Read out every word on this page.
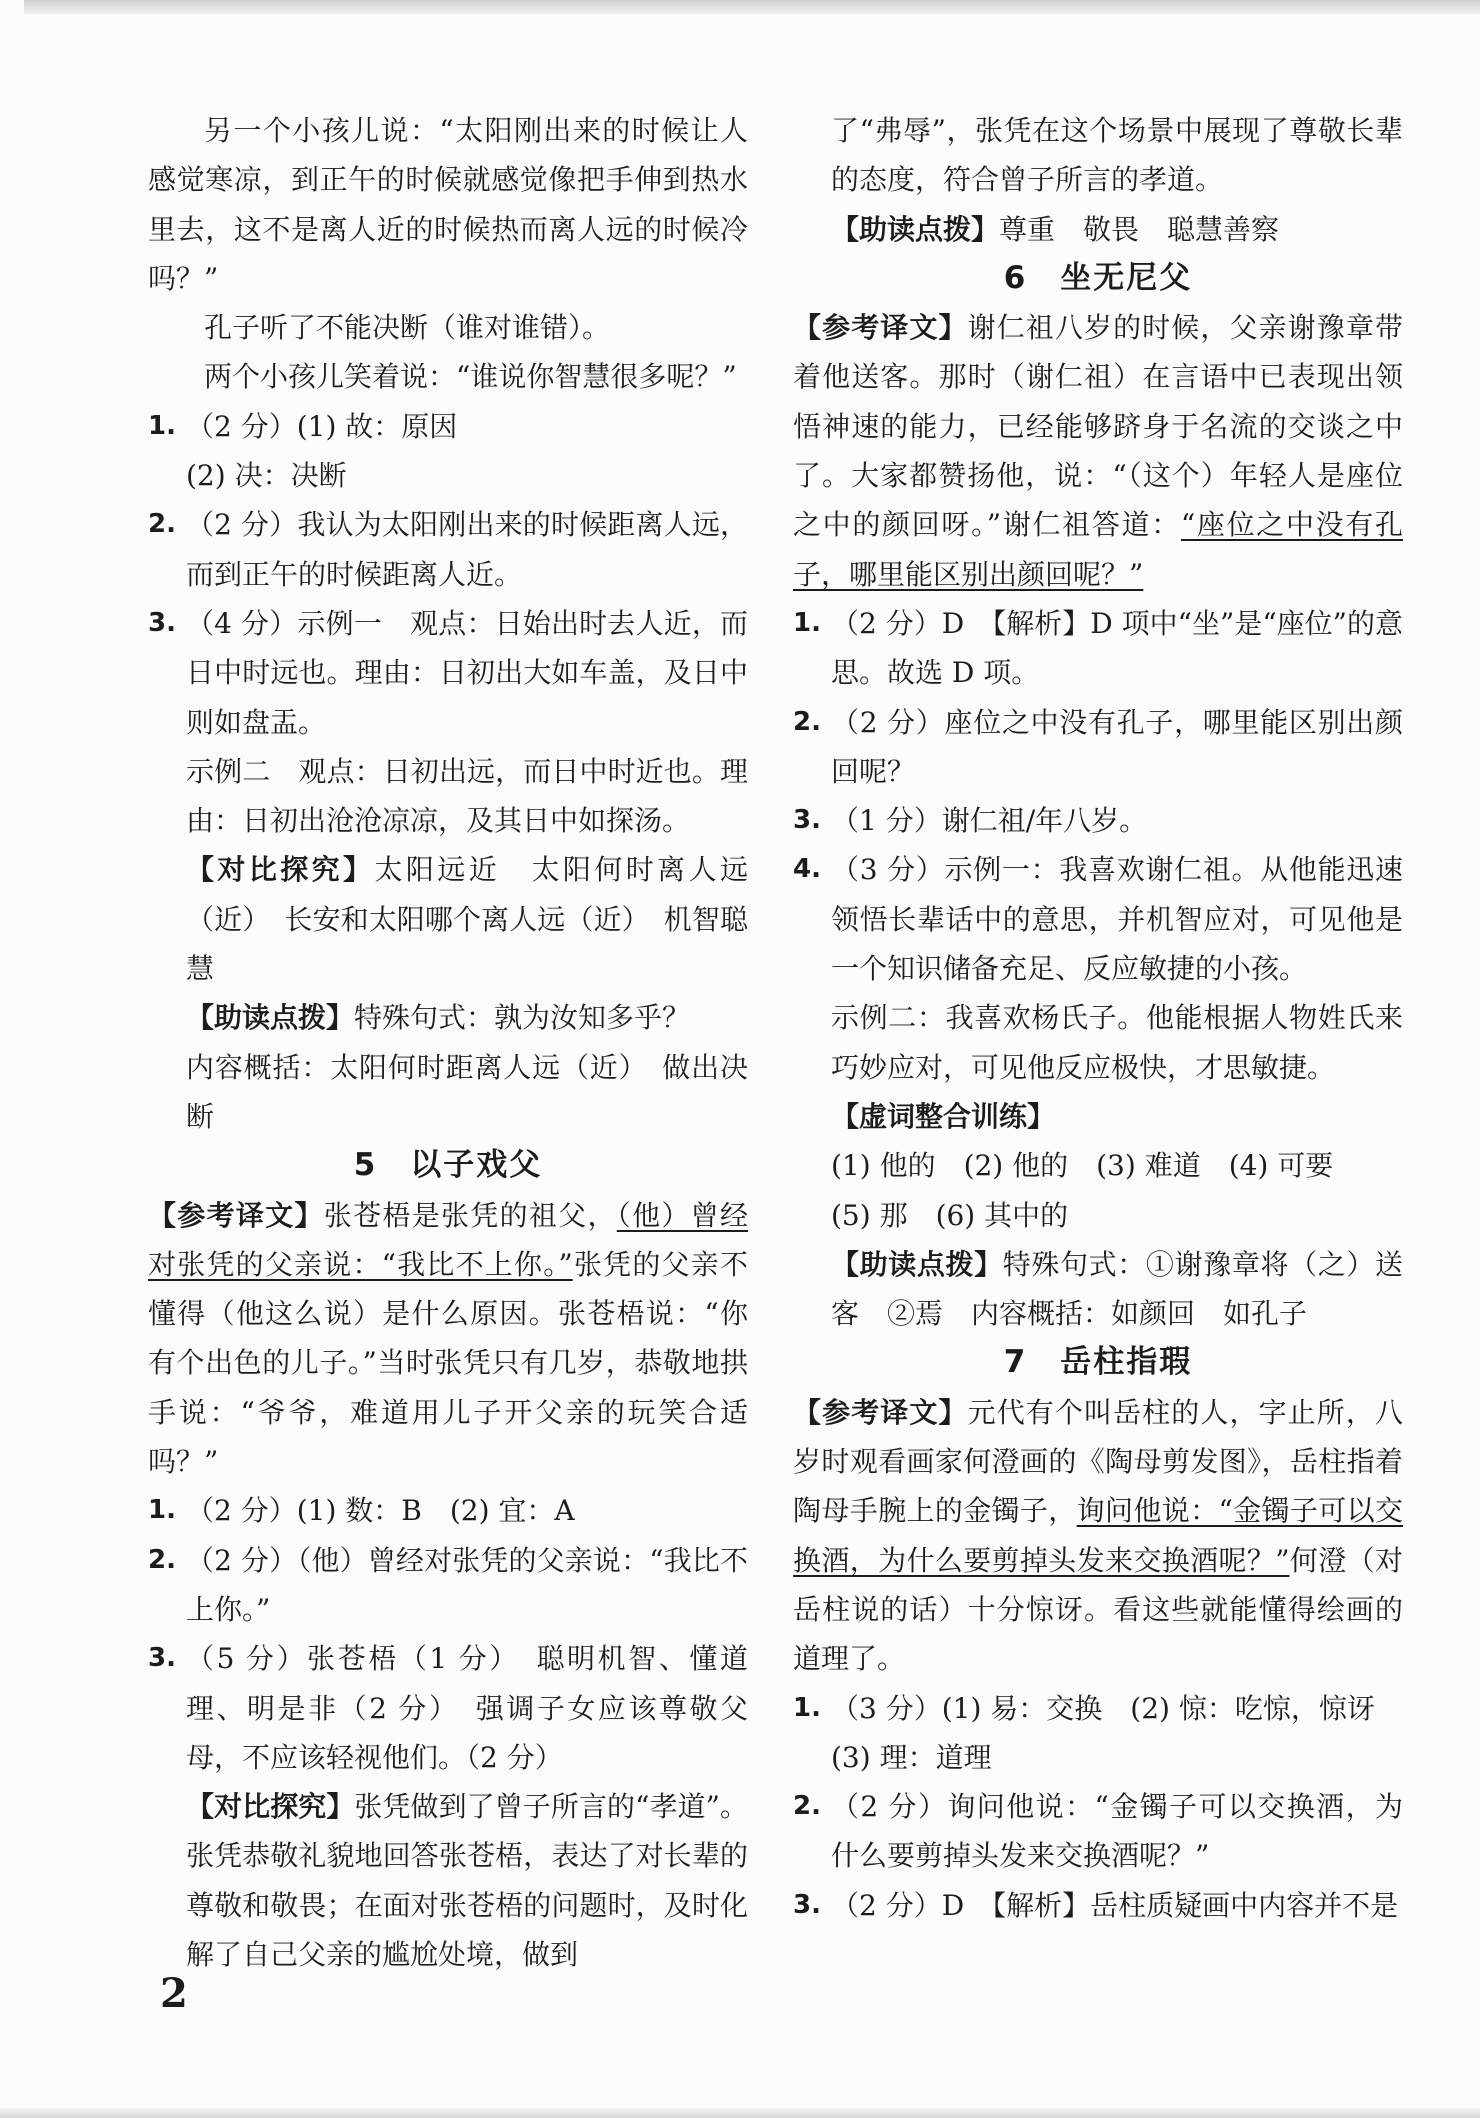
另一个小孩儿说：“太阳刚出来的时候让人感觉寒凉，到正午的时候就感觉像把手伸到热水里去，这不是离人近的时候热而离人远的时候冷吗？”

孔子听了不能决断（谁对谁错）。

两个小孩儿笑着说：“谁说你智慧很多呢？”

1. （2 分）(1) 故：原因

(2) 决：决断

2. （2 分）我认为太阳刚出来的时候距离人远，而到正午的时候距离人近。
3. （4 分）示例一　观点：日始出时去人近，而日中时远也。理由：日初出大如车盖，及日中则如盘盂。

示例二　观点：日初出远，而日中时近也。理由：日初出沧沧凉凉，及其日中如探汤。

【对比探究】太阳远近　太阳何时离人远（近）　长安和太阳哪个离人远（近）　机智聪慧

【助读点拨】特殊句式：孰为汝知多乎？

内容概括：太阳何时距离人远（近）　做出决断

5　以子戏父

【参考译文】张苍梧是张凭的祖父，（他）曾经对张凭的父亲说：“我比不上你。”张凭的父亲不懂得（他这么说）是什么原因。张苍梧说：“你有个出色的儿子。”当时张凭只有几岁，恭敬地拱手说：“爷爷，难道用儿子开父亲的玩笑合适吗？”

1. （2 分）(1) 数：B　(2) 宜：A
2. （2 分）（他）曾经对张凭的父亲说：“我比不上你。”
3. （5 分）张苍梧（1 分）　聪明机智、懂道理、明是非（2 分）　强调子女应该尊敬父母，不应该轻视他们。（2 分）

【对比探究】张凭做到了曾子所言的“孝道”。张凭恭敬礼貌地回答张苍梧，表达了对长辈的尊敬和敬畏；在面对张苍梧的问题时，及时化解了自己父亲的尴尬处境，做到

了“弗辱”，张凭在这个场景中展现了尊敬长辈的态度，符合曾子所言的孝道。

【助读点拨】尊重　敬畏　聪慧善察

6　坐无尼父

【参考译文】谢仁祖八岁的时候，父亲谢豫章带着他送客。那时（谢仁祖）在言语中已表现出领悟神速的能力，已经能够跻身于名流的交谈之中了。大家都赞扬他，说：“（这个）年轻人是座位之中的颜回呀。”谢仁祖答道：“座位之中没有孔子，哪里能区别出颜回呢？”

1. （2 分）D　【解析】D 项中“坐”是“座位”的意思。故选 D 项。
2. （2 分）座位之中没有孔子，哪里能区别出颜回呢？
3. （1 分）谢仁祖/年八岁。
4. （3 分）示例一：我喜欢谢仁祖。从他能迅速领悟长辈话中的意思，并机智应对，可见他是一个知识储备充足、反应敏捷的小孩。

示例二：我喜欢杨氏子。他能根据人物姓氏来巧妙应对，可见他反应极快，才思敏捷。

【虚词整合训练】

(1) 他的　(2) 他的　(3) 难道　(4) 可要

(5) 那　(6) 其中的

【助读点拨】特殊句式：①谢豫章将（之）送客　②焉　内容概括：如颜回　如孔子

7　岳柱指瑕

【参考译文】元代有个叫岳柱的人，字止所，八岁时观看画家何澄画的《陶母剪发图》，岳柱指着陶母手腕上的金镯子，询问他说：“金镯子可以交换酒，为什么要剪掉头发来交换酒呢？”何澄（对岳柱说的话）十分惊讶。看这些就能懂得绘画的道理了。

1. （3 分）(1) 易：交换　(2) 惊：吃惊，惊讶

(3) 理：道理

2. （2 分）询问他说：“金镯子可以交换酒，为什么要剪掉头发来交换酒呢？”
3. （2 分）D　【解析】岳柱质疑画中内容并不是
2
